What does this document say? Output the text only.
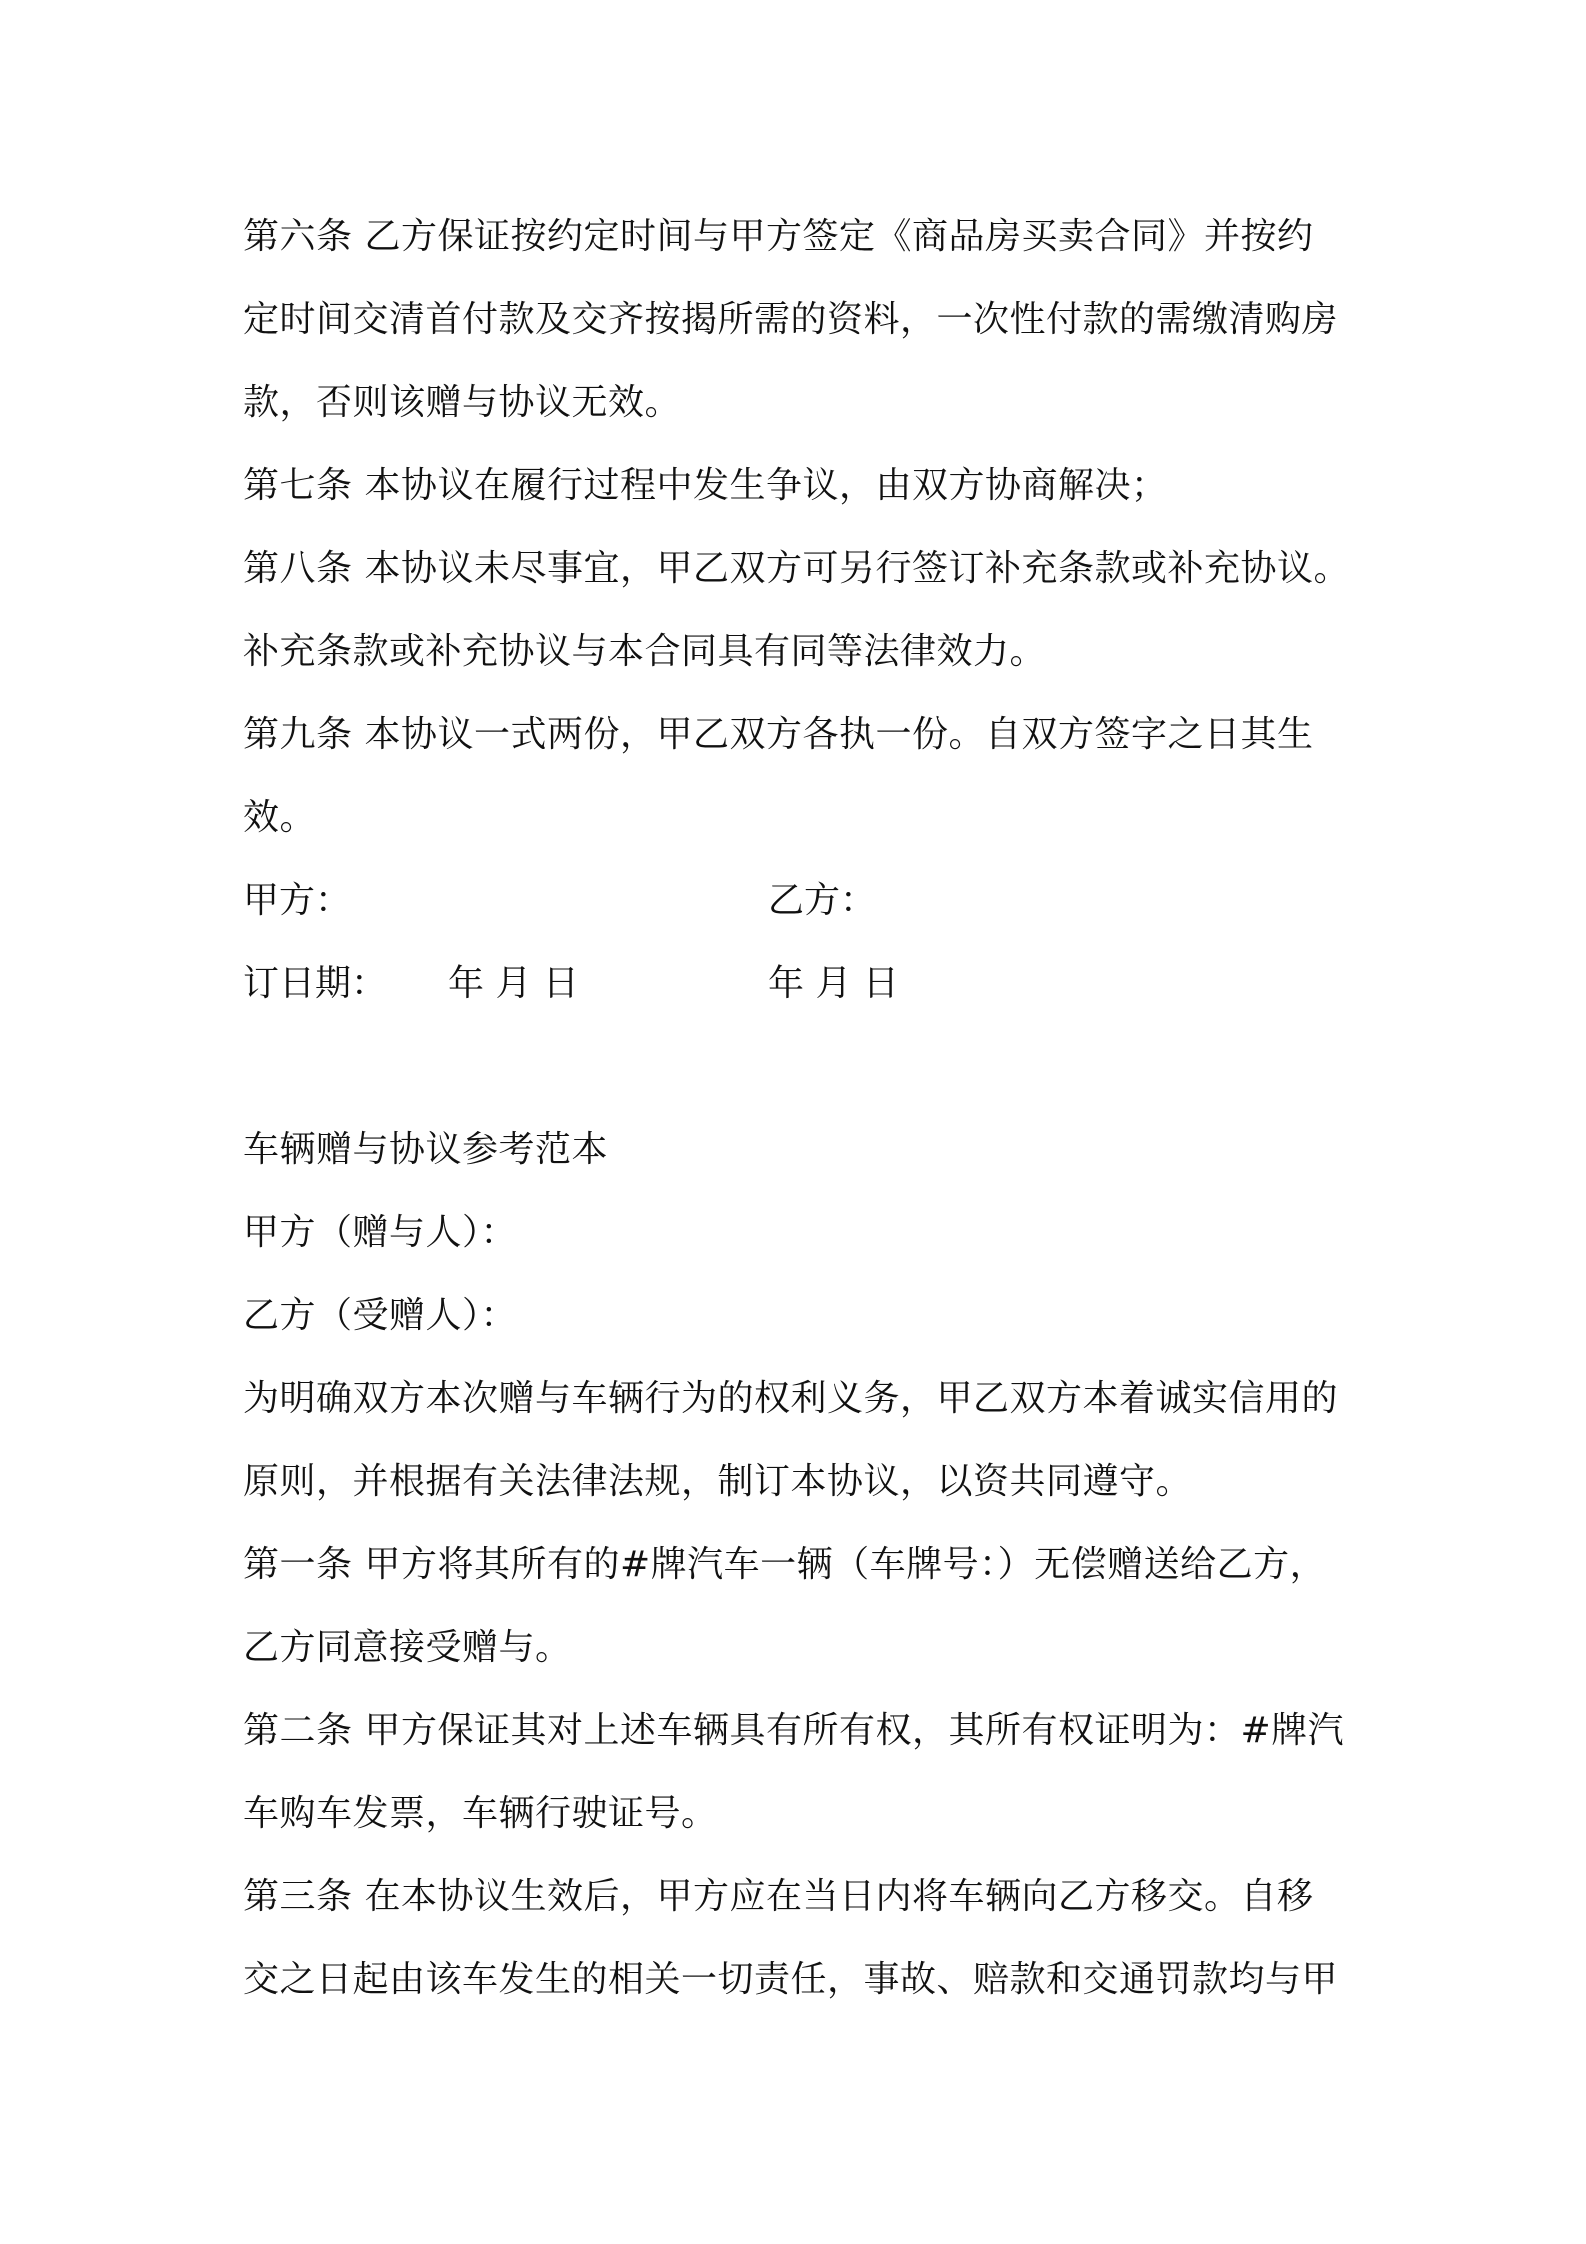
第六条 乙方保证按约定时间与甲方签定《商品房买卖合同》并按约
定时间交清首付款及交齐按揭所需的资料，一次性付款的需缴清购房
款，否则该赠与协议无效。
第七条 本协议在履行过程中发生争议，由双方协商解决；
第八条 本协议未尽事宜，甲乙双方可另行签订补充条款或补充协议。
补充条款或补充协议与本合同具有同等法律效力。
第九条 本协议一式两份，甲乙双方各执一份。自双方签字之日其生
效。
甲方：	乙方：
订日期： 年 月 日	年 月 日
车辆赠与协议参考范本
甲方（赠与人）：
乙方（受赠人）：
为明确双方本次赠与车辆行为的权利义务，甲乙双方本着诚实信用的
原则，并根据有关法律法规，制订本协议，以资共同遵守。
第一条 甲方将其所有的#牌汽车一辆（车牌号：）无偿赠送给乙方，
乙方同意接受赠与。
第二条 甲方保证其对上述车辆具有所有权，其所有权证明为：#牌汽
车购车发票，车辆行驶证号。
第三条 在本协议生效后，甲方应在当日内将车辆向乙方移交。自移
交之日起由该车发生的相关一切责任，事故、赔款和交通罚款均与甲
